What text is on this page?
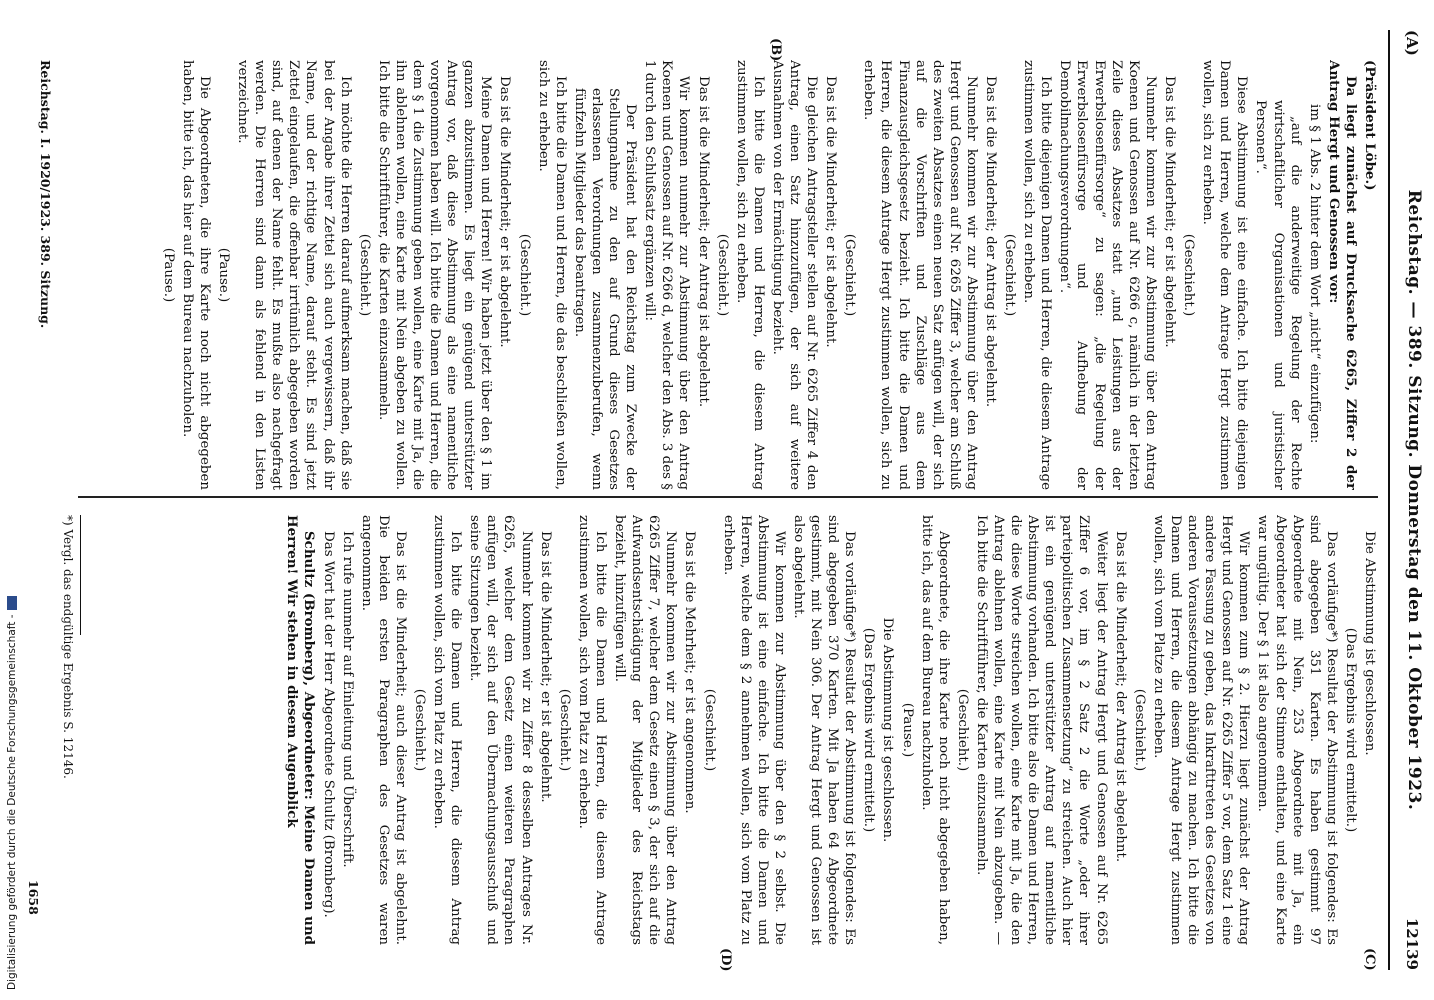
(A)
Reichstag. — 389. Sitzung. Donnerstag den 11. Oktober 1923.
12139
(B)
(C)
(D)

(Präsident Löbe.)

Da liegt zunächst auf Drucksache 6265, Ziffer 2 der Antrag Hergt und Genossen vor:

im § 1 Abs. 2 hinter dem Wort „nicht“ einzufügen:

„auf die anderweitige Regelung der Rechte wirtschaftlicher Organisationen und juristischer Personen“.

Diese Abstimmung ist eine einfache. Ich bitte diejenigen Damen und Herren, welche dem Antrage Hergt zustimmen wollen, sich zu erheben.

(Geschieht.)

Das ist die Minderheit; er ist abgelehnt.

Nunmehr kommen wir zur Abstimmung über den Antrag Koenen und Genossen auf Nr. 6266 c, nämlich in der letzten Zeile dieses Absatzes statt „und Leistungen aus der Erwerbslosenfürsorge“ zu sagen: „die Regelung der Erwerbslosenfürsorge und Aufhebung der Demobilmachungsverordnungen“.

Ich bitte diejenigen Damen und Herren, die diesem Antrage zustimmen wollen, sich zu erheben.

(Geschieht.)

Das ist die Minderheit; der Antrag ist abgelehnt.

Nunmehr kommen wir zur Abstimmung über den Antrag Hergt und Genossen auf Nr. 6265 Ziffer 3, welcher am Schluß des zweiten Absatzes einen neuen Satz anfügen will, der sich auf die Vorschriften und Zuschläge aus dem Finanzausgleichsgesetz bezieht. Ich bitte die Damen und Herren, die diesem Antrage Hergt zustimmen wollen, sich zu erheben.

(Geschieht.)

Das ist die Minderheit; er ist abgelehnt.

Die gleichen Antragsteller stellen auf Nr. 6265 Ziffer 4 den Antrag, einen Satz hinzuzufügen, der sich auf weitere Ausnahmen von der Ermächtigung bezieht.

Ich bitte die Damen und Herren, die diesem Antrag zustimmen wollen, sich zu erheben.

(Geschieht.)

Das ist die Minderheit; der Antrag ist abgelehnt.

Wir kommen nunmehr zur Abstimmung über den Antrag Koenen und Genossen auf Nr. 6266 d, welcher den Abs. 3 des § 1 durch den Schlußsatz ergänzen will:

Der Präsident hat den Reichstag zum Zwecke der Stellungnahme zu den auf Grund dieses Gesetzes erlassenen Verordnungen zusammenzuberufen, wenn fünfzehn Mitglieder das beantragen.

Ich bitte die Damen und Herren, die das beschließen wollen, sich zu erheben.

(Geschieht.)

Das ist die Minderheit; er ist abgelehnt.

Meine Damen und Herren! Wir haben jetzt über den § 1 im ganzen abzustimmen. Es liegt ein genügend unterstützter Antrag vor, daß diese Abstimmung als eine namentliche vorgenommen haben will. Ich bitte die Damen und Herren, die dem § 1 die Zustimmung geben wollen, eine Karte mit Ja, die ihn ablehnen wollen, eine Karte mit Nein abgeben zu wollen. Ich bitte die Schriftführer, die Karten einzusammeln.

(Geschieht.)

Ich möchte die Herren darauf aufmerksam machen, daß sie bei der Angabe ihrer Zettel sich auch vergewissern, daß ihr Name, und der richtige Name, darauf steht. Es sind jetzt Zettel eingelaufen, die offenbar irrtümlich abgegeben worden sind, auf denen der Name fehlt. Es mußte also nachgefragt werden. Die Herren sind dann als fehlend in den Listen verzeichnet.

(Pause.)

Die Abgeordneten, die ihre Karte noch nicht abgegeben haben, bitte ich, das hier auf dem Bureau nachzuholen.

(Pause.)

Die Abstimmung ist geschlossen.

(Das Ergebnis wird ermittelt.)

Das vorläufige*) Resultat der Abstimmung ist folgendes: Es sind abgegeben 351 Karten. Es haben gestimmt 97 Abgeordnete mit Nein, 253 Abgeordnete mit Ja, ein Abgeordneter hat sich der Stimme enthalten, und eine Karte war ungültig. Der § 1 ist also angenommen.

Wir kommen zum § 2. Hierzu liegt zunächst der Antrag Hergt und Genossen auf Nr. 6265 Ziffer 5 vor, dem Satz 1 eine andere Fassung zu geben, das Inkrafttreten des Gesetzes von anderen Voraussetzungen abhängig zu machen. Ich bitte die Damen und Herren, die diesem Antrage Hergt zustimmen wollen, sich vom Platze zu erheben.

(Geschieht.)

Das ist die Minderheit; der Antrag ist abgelehnt.

Weiter liegt der Antrag Hergt und Genossen auf Nr. 6265 Ziffer 6 vor, im § 2 Satz 2 die Worte „oder ihrer parteipolitischen Zusammensetzung“ zu streichen. Auch hier ist ein genügend unterstützter Antrag auf namentliche Abstimmung vorhanden. Ich bitte also die Damen und Herren, die diese Worte streichen wollen, eine Karte mit Ja, die den Antrag ablehnen wollen, eine Karte mit Nein abzugeben. — Ich bitte die Schriftführer, die Karten einzusammeln.

(Geschieht.)

Abgeordnete, die ihre Karte noch nicht abgegeben haben, bitte ich, das auf dem Bureau nachzuholen.

(Pause.)

Die Abstimmung ist geschlossen.

(Das Ergebnis wird ermittelt.)

Das vorläufige*) Resultat der Abstimmung ist folgendes: Es sind abgegeben 370 Karten. Mit Ja haben 64 Abgeordnete gestimmt, mit Nein 306. Der Antrag Hergt und Genossen ist also abgelehnt.

Wir kommen zur Abstimmung über den § 2 selbst. Die Abstimmung ist eine einfache. Ich bitte die Damen und Herren, welche dem § 2 annehmen wollen, sich vom Platz zu erheben.

(Geschieht.)

Das ist die Mehrheit; er ist angenommen.

Nunmehr kommen wir zur Abstimmung über den Antrag 6265 Ziffer 7, welcher dem Gesetz einen § 3, der sich auf die Aufwandsentschädigung der Mitglieder des Reichstags bezieht, hinzufügen will.

Ich bitte die Damen und Herren, die diesem Antrage zustimmen wollen, sich vom Platz zu erheben.

(Geschieht.)

Das ist die Minderheit; er ist abgelehnt.

Nunmehr kommen wir zu Ziffer 8 desselben Antrages Nr. 6265, welcher dem Gesetz einen weiteren Paragraphen anfügen will, der sich auf den Übermachungsausschuß und seine Sitzungen bezieht.

Ich bitte die Damen und Herren, die diesem Antrag zustimmen wollen, sich vom Platz zu erheben.

(Geschieht.)

Das ist die Minderheit; auch dieser Antrag ist abgelehnt. Die beiden ersten Paragraphen des Gesetzes waren angenommen.

Ich rufe nunmehr auf Einleitung und Überschrift.

Das Wort hat der Herr Abgeordnete Schultz (Bromberg).

Schultz (Bromberg), Abgeordneter: Meine Damen und Herren! Wir stehen in diesem Augenblick

*) Vergl. das endgültige Ergebnis S. 12146.
Reichstag. I. 1920/1923. 389. Sitzung.
1658
Digitalisierung gefördert durch die Deutsche Forschungsgemeinschaft -
